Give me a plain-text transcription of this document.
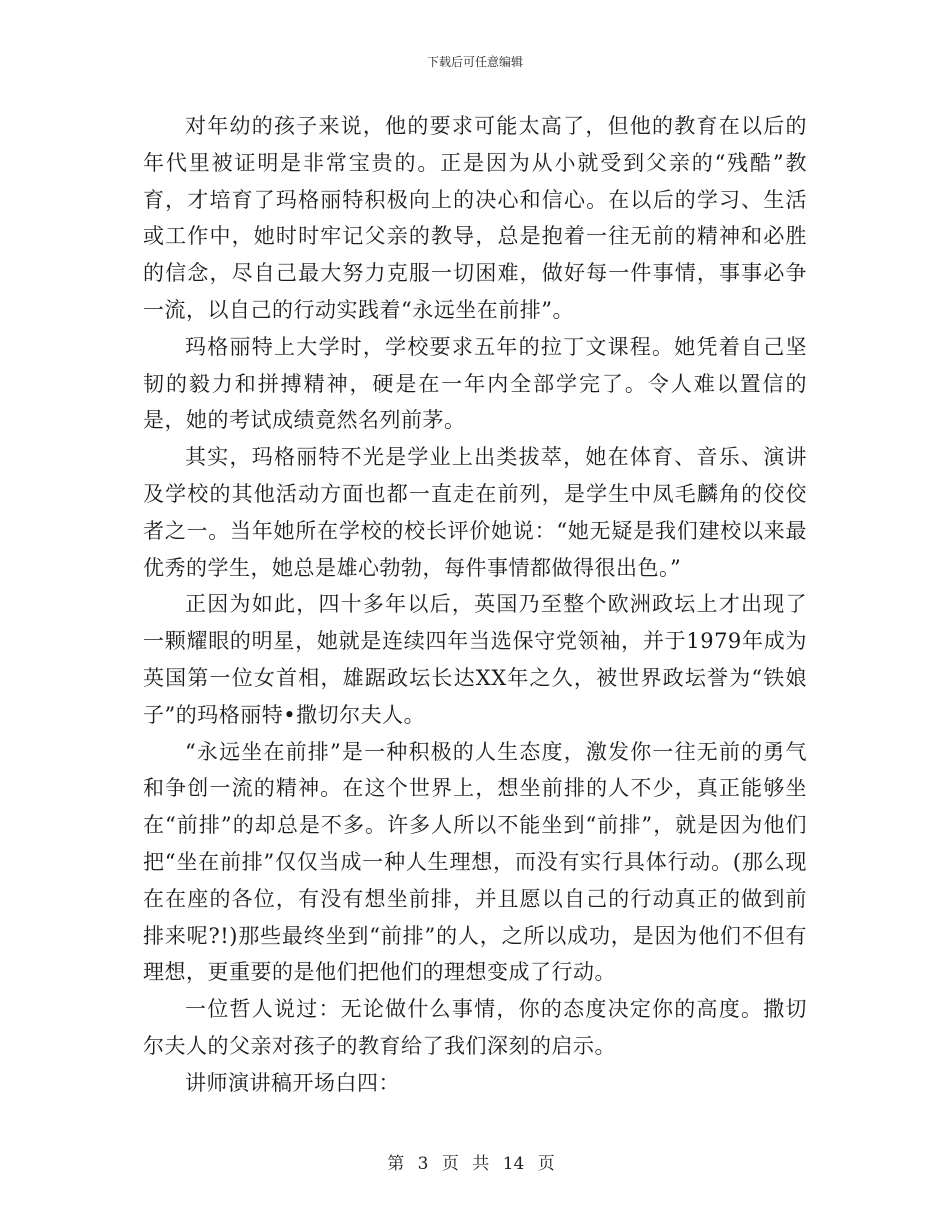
下载后可任意编辑

对年幼的孩子来说，他的要求可能太高了，但他的教育在以后的年代里被证明是非常宝贵的。正是因为从小就受到父亲的“残酷”教育，才培育了玛格丽特积极向上的决心和信心。在以后的学习、生活或工作中，她时时牢记父亲的教导，总是抱着一往无前的精神和必胜的信念，尽自己最大努力克服一切困难，做好每一件事情，事事必争一流，以自己的行动实践着“永远坐在前排”。

玛格丽特上大学时，学校要求五年的拉丁文课程。她凭着自己坚韧的毅力和拼搏精神，硬是在一年内全部学完了。令人难以置信的是，她的考试成绩竟然名列前茅。

其实，玛格丽特不光是学业上出类拔萃，她在体育、音乐、演讲及学校的其他活动方面也都一直走在前列，是学生中凤毛麟角的佼佼者之一。当年她所在学校的校长评价她说：“她无疑是我们建校以来最优秀的学生，她总是雄心勃勃，每件事情都做得很出色。”

正因为如此，四十多年以后，英国乃至整个欧洲政坛上才出现了一颗耀眼的明星，她就是连续四年当选保守党领袖，并于1979年成为英国第一位女首相，雄踞政坛长达XX年之久，被世界政坛誉为“铁娘子”的玛格丽特•撒切尔夫人。

“永远坐在前排”是一种积极的人生态度，激发你一往无前的勇气和争创一流的精神。在这个世界上，想坐前排的人不少，真正能够坐在“前排”的却总是不多。许多人所以不能坐到“前排”，就是因为他们把“坐在前排”仅仅当成一种人生理想，而没有实行具体行动。(那么现在在座的各位，有没有想坐前排，并且愿以自己的行动真正的做到前排来呢?!)那些最终坐到“前排”的人，之所以成功，是因为他们不但有理想，更重要的是他们把他们的理想变成了行动。

一位哲人说过：无论做什么事情，你的态度决定你的高度。撒切尔夫人的父亲对孩子的教育给了我们深刻的启示。

讲师演讲稿开场白四：

第 3 页 共 14 页
